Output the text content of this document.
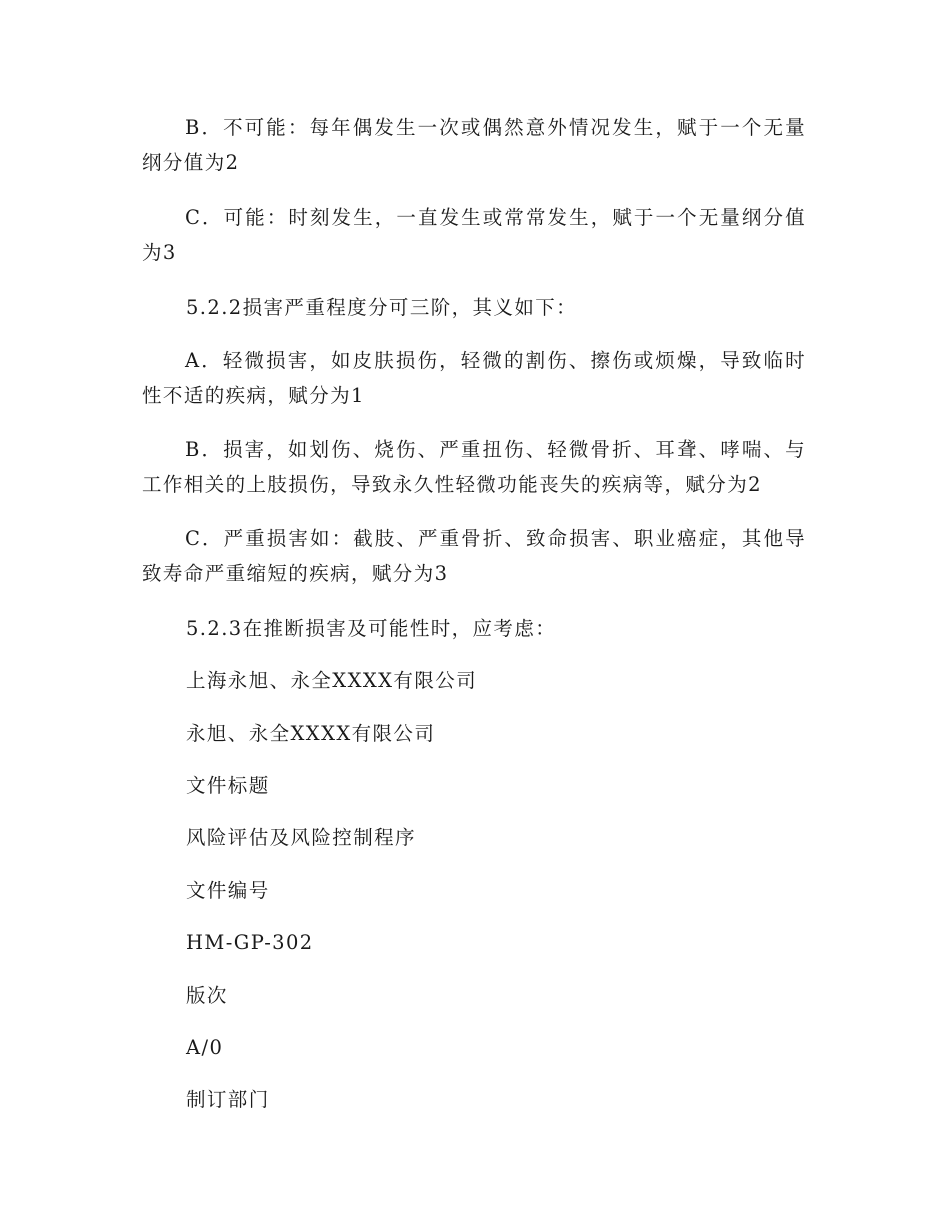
B．不可能：每年偶发生一次或偶然意外情况发生，赋于一个无量纲分值为2
C．可能：时刻发生，一直发生或常常发生，赋于一个无量纲分值为3
5.2.2损害严重程度分可三阶，其义如下：
A．轻微损害，如皮肤损伤，轻微的割伤、擦伤或烦燥，导致临时性不适的疾病，赋分为1
B．损害，如划伤、烧伤、严重扭伤、轻微骨折、耳聋、哮喘、与工作相关的上肢损伤，导致永久性轻微功能丧失的疾病等，赋分为2
C．严重损害如：截肢、严重骨折、致命损害、职业癌症，其他导致寿命严重缩短的疾病，赋分为3
5.2.3在推断损害及可能性时，应考虑：
上海永旭、永全XXXX有限公司
永旭、永全XXXX有限公司
文件标题
风险评估及风险控制程序
文件编号
HM-GP-302
版次
A/0
制订部门
